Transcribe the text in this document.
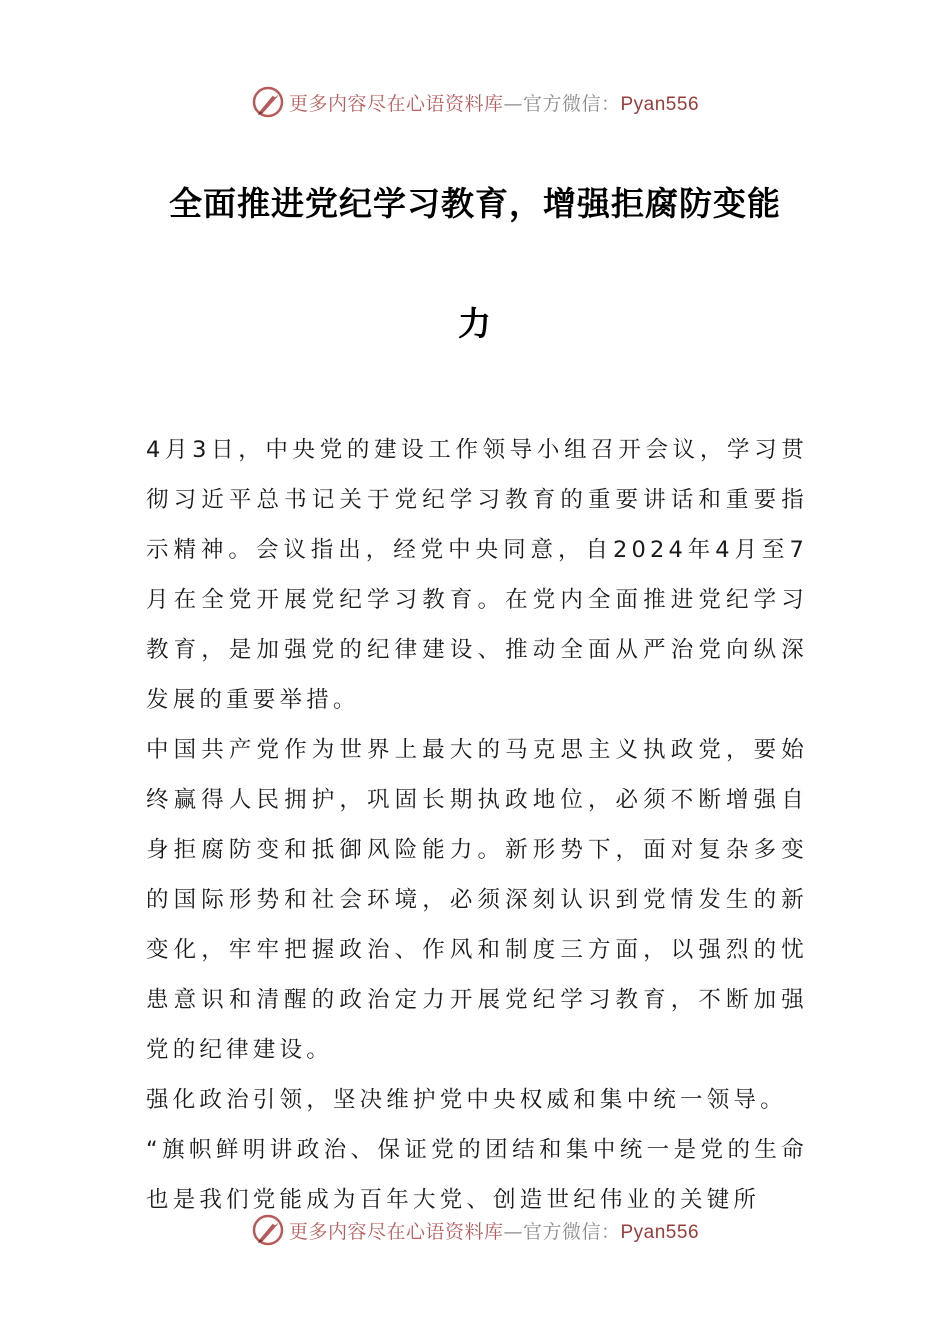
更多内容尽在心语资料库—官方微信：Pyan556
全面推进党纪学习教育，增强拒腐防变能
力

4月3日，中央党的建设工作领导小组召开会议，学习贯彻习近平总书记关于党纪学习教育的重要讲话和重要指示精神。会议指出，经党中央同意，自2024年4月至7月在全党开展党纪学习教育。在党内全面推进党纪学习教育，是加强党的纪律建设、推动全面从严治党向纵深发展的重要举措。

中国共产党作为世界上最大的马克思主义执政党，要始终赢得人民拥护，巩固长期执政地位，必须不断增强自身拒腐防变和抵御风险能力。新形势下，面对复杂多变的国际形势和社会环境，必须深刻认识到党情发生的新变化，牢牢把握政治、作风和制度三方面，以强烈的忧患意识和清醒的政治定力开展党纪学习教育，不断加强党的纪律建设。

强化政治引领，坚决维护党中央权威和集中统一领导。

“旗帜鲜明讲政治、保证党的团结和集中统一是党的生命也是我们党能成为百年大党、创造世纪伟业的关键所

更多内容尽在心语资料库—官方微信：Pyan556
